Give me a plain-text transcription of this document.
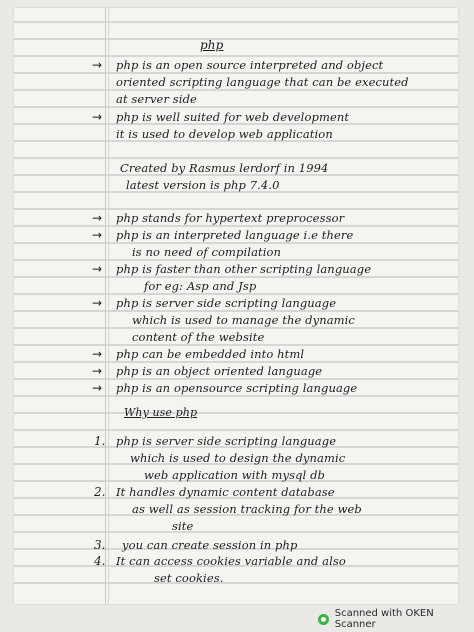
php
→ php is an open source interpreted and object
oriented scripting language that can be executed
at server side
→ php is well suited for web development
it is used to develop web application
Created by Rasmus lerdorf in 1994
latest version is php 7.4.0
→ php stands for hypertext preprocessor
→ php is an interpreted language i.e there
is no need of compilation
→ php is faster than other scripting language
for eg: Asp and Jsp
→ php is server side scripting language
which is used to manage the dynamic
content of the website
→ php can be embedded into html
→ php is an object oriented language
→ php is an opensource scripting language
Why use php
1. php is server side scripting language
which is used to design the dynamic
web application with mysql db
2. It handles dynamic content database
as well as session tracking for the web
site
3. you can create session in php
4. It can access cookies variable and also
set cookies.
Scanned with OKEN Scanner
